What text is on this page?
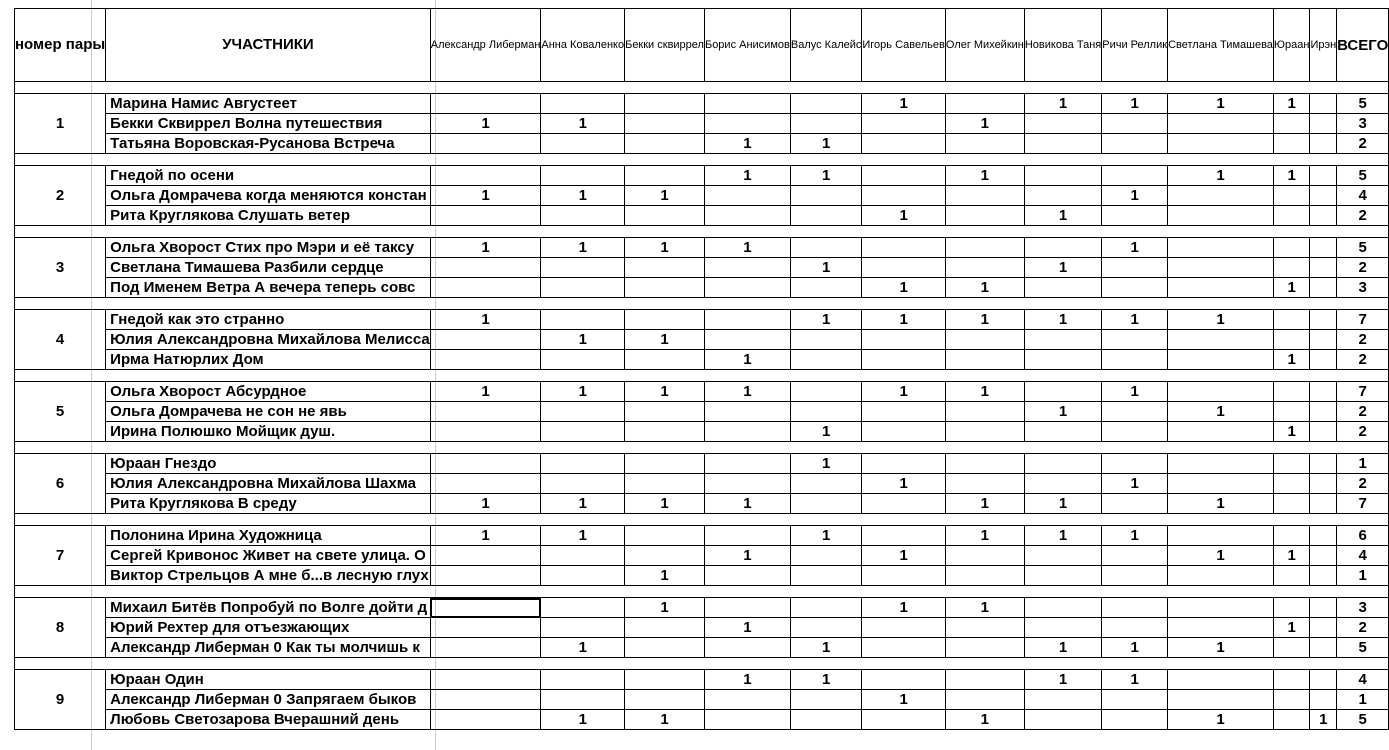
номер пары	УЧАСТНИКИ	Александр Либерман	Анна Коваленко	Бекки сквиррел	Борис Анисимов	Валус Калейс	Игорь Савельев	Олег Михейкин	Новикова Таня	Ричи Реллик	Светлана Тимашева	Юраан	Ирэн	ВСЕГО

1	Марина Намис Августеет						1		1	1	1	1		5
	Бекки Сквиррел Волна путешествия	1	1					1						3
	Татьяна Воровская-Русанова Встреча				1	1								2

2	Гнедой по осени				1	1		1			1	1		5
	Ольга Домрачева когда меняются констан	1	1	1						1				4
	Рита Круглякова Слушать ветер						1		1					2

3	Ольга Хворост Стих про Мэри и её таксу	1	1	1	1					1				5
	Светлана Тимашева Разбили сердце					1			1					2
	Под Именем Ветра А вечера теперь совс						1	1				1		3

4	Гнедой как это странно	1				1	1	1	1	1	1			7
	Юлия Александровна Михайлова Мелисса		1	1										2
	Ирма Натюрлих Дом				1							1		2

5	Ольга Хворост Абсурдное	1	1	1	1		1	1		1				7
	Ольга Домрачева не сон не явь								1		1			2
	Ирина Полюшко Мойщик душ.					1						1		2

6	Юраан Гнездо					1								1
	Юлия Александровна Михайлова Шахма						1			1				2
	Рита Круглякова В среду	1	1	1	1			1	1		1			7

7	Полонина Ирина Художница	1	1			1		1	1	1				6
	Сергей Кривонос Живет на свете улица. О				1		1				1	1		4
	Виктор Стрельцов А мне б...в лесную глух			1										1

8	Михаил Битёв Попробуй по Волге дойти д			1			1	1						3
	Юрий Рехтер для отъезжающих				1							1		2
	Александр Либерман 0 Как ты молчишь к		1			1			1	1	1			5

9	Юраан Один				1	1			1	1				4
	Александр Либерман 0 Запрягаем быков						1							1
	Любовь Светозарова Вчерашний день		1	1				1			1		1	5
